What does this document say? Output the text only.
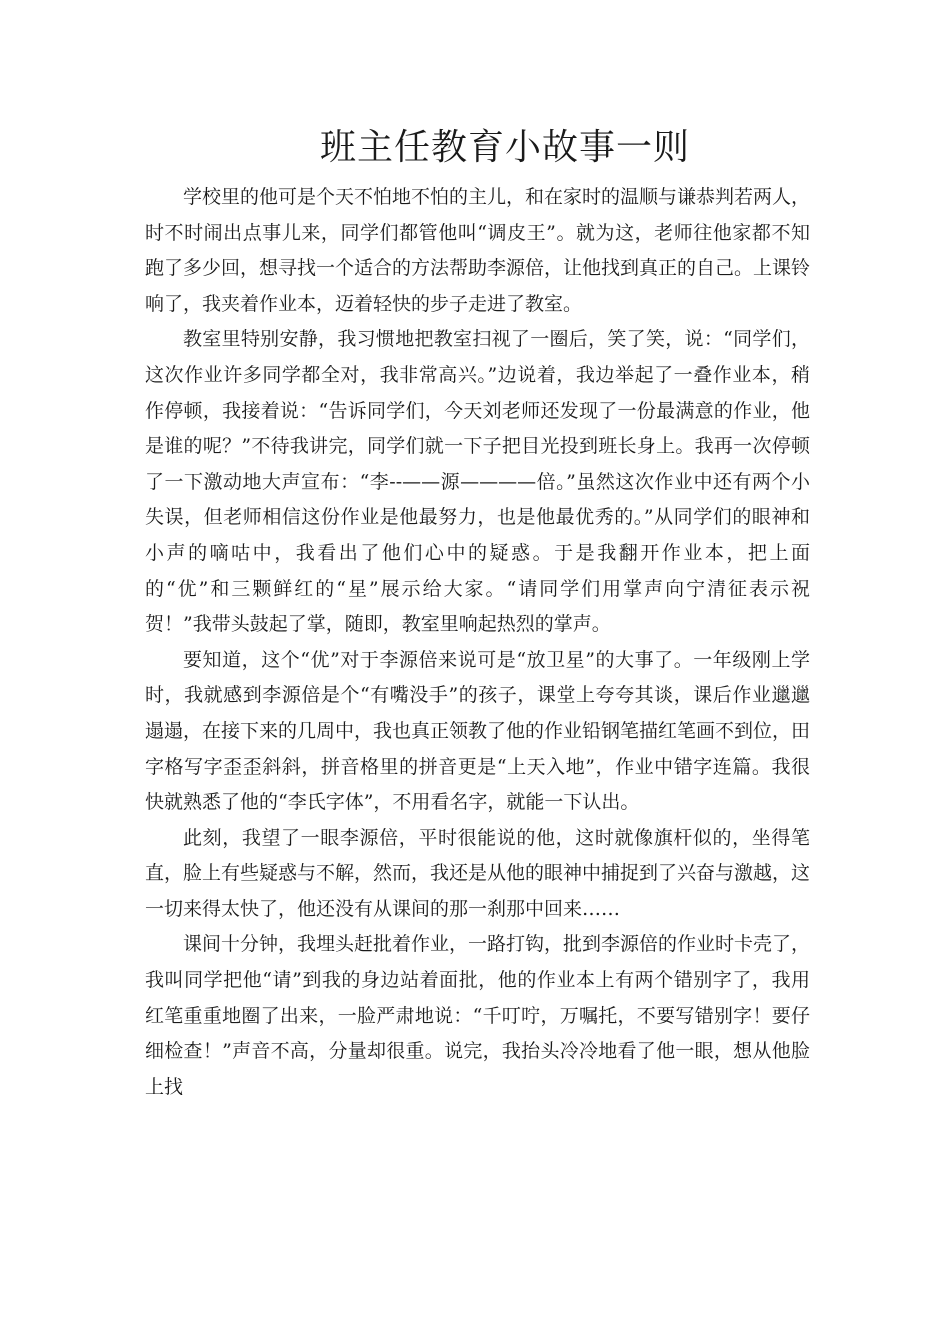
班主任教育小故事一则

学校里的他可是个天不怕地不怕的主儿，和在家时的温顺与谦恭判若两人，时不时闹出点事儿来，同学们都管他叫“调皮王”。就为这，老师往他家都不知跑了多少回，想寻找一个适合的方法帮助李源倍，让他找到真正的自己。上课铃响了，我夹着作业本，迈着轻快的步子走进了教室。

教室里特别安静，我习惯地把教室扫视了一圈后，笑了笑，说：“同学们，这次作业许多同学都全对，我非常高兴。”边说着，我边举起了一叠作业本，稍作停顿，我接着说：“告诉同学们，今天刘老师还发现了一份最满意的作业，他是谁的呢？”不待我讲完，同学们就一下子把目光投到班长身上。我再一次停顿了一下激动地大声宣布：“李--——源————倍。”虽然这次作业中还有两个小失误，但老师相信这份作业是他最努力，也是他最优秀的。”从同学们的眼神和小声的嘀咕中，我看出了他们心中的疑惑。于是我翻开作业本，把上面的“优”和三颗鲜红的“星”展示给大家。“请同学们用掌声向宁清征表示祝贺！”我带头鼓起了掌，随即，教室里响起热烈的掌声。

要知道，这个“优”对于李源倍来说可是“放卫星”的大事了。一年级刚上学时，我就感到李源倍是个“有嘴没手”的孩子，课堂上夸夸其谈，课后作业邋邋遢遢，在接下来的几周中，我也真正领教了他的作业铅钢笔描红笔画不到位，田字格写字歪歪斜斜，拼音格里的拼音更是“上天入地”，作业中错字连篇。我很快就熟悉了他的“李氏字体”，不用看名字，就能一下认出。

此刻，我望了一眼李源倍，平时很能说的他，这时就像旗杆似的，坐得笔直，脸上有些疑惑与不解，然而，我还是从他的眼神中捕捉到了兴奋与激越，这一切来得太快了，他还没有从课间的那一刹那中回来……

课间十分钟，我埋头赶批着作业，一路打钩，批到李源倍的作业时卡壳了，我叫同学把他“请”到我的身边站着面批，他的作业本上有两个错别字了，我用红笔重重地圈了出来，一脸严肃地说：“千叮咛，万嘱托，不要写错别字！要仔细检查！”声音不高，分量却很重。说完，我抬头冷冷地看了他一眼，想从他脸上找
